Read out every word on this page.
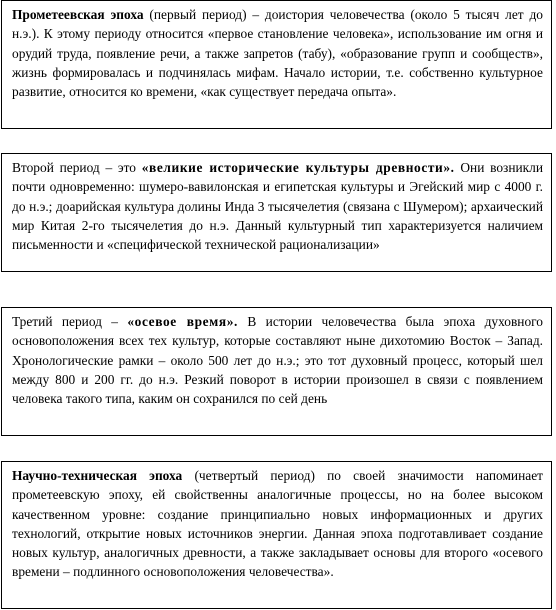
Прометеевская эпоха (первый период) – доистория человечества (около 5 тысяч лет до н.э.). К этому периоду относится «первое становление человека», использование им огня и орудий труда, появление речи, а также запретов (табу), «образование групп и сообществ», жизнь формировалась и подчинялась мифам. Начало истории, т.е. собственно культурное развитие, относится ко времени, «как существует передача опыта».
Второй период – это «великие исторические культуры древности». Они возникли почти одновременно: шумеро-вавилонская и египетская культуры и Эгейский мир с 4000 г. до н.э.; доарийская культура долины Инда 3 тысячелетия (связана с Шумером); архаический мир Китая 2-го тысячелетия до н.э. Данный культурный тип характеризуется наличием письменности и «специфической технической рационализации»
Третий период – «осевое время». В истории человечества была эпоха духовного основоположения всех тех культур, которые составляют ныне дихотомию Восток – Запад. Хронологические рамки – около 500 лет до н.э.; это тот духовный процесс, который шел между 800 и 200 гг. до н.э. Резкий поворот в истории произошел в связи с появлением человека такого типа, каким он сохранился по сей день
Научно-техническая эпоха (четвертый период) по своей значимости напоминает прометеевскую эпоху, ей свойственны аналогичные процессы, но на более высоком качественном уровне: создание принципиально новых информационных и других технологий, открытие новых источников энергии. Данная эпоха подготавливает создание новых культур, аналогичных древности, а также закладывает основы для второго «осевого времени – подлинного основоположения человечества».
